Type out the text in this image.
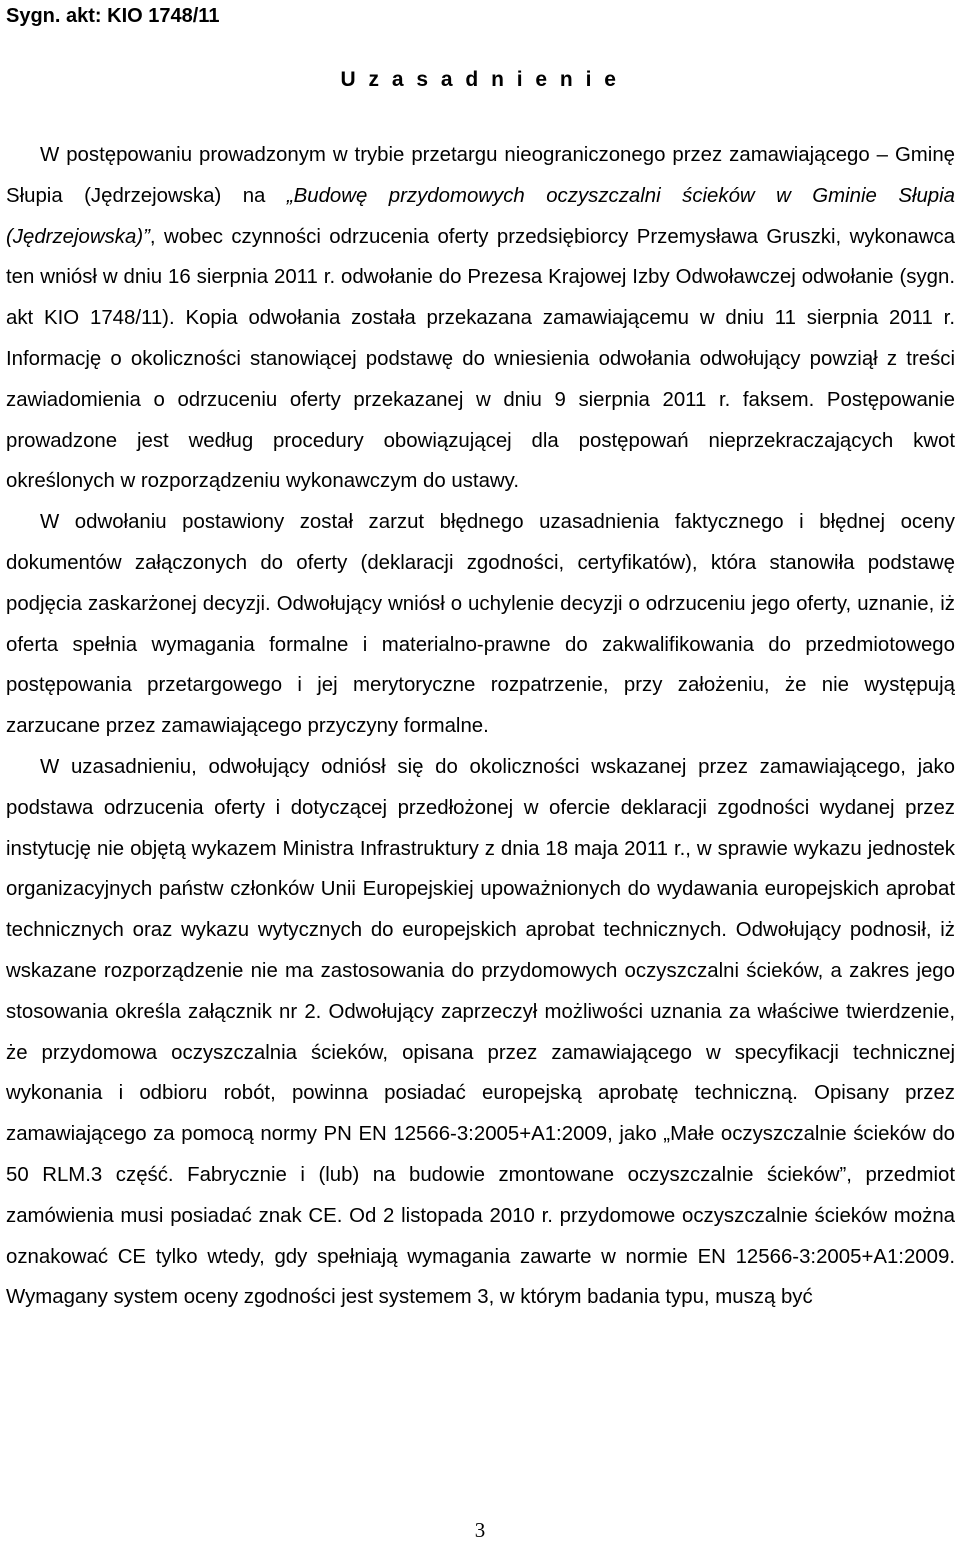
Sygn. akt: KIO 1748/11
U z a s a d n i e n i e

W postępowaniu prowadzonym w trybie przetargu nieograniczonego przez zamawiającego – Gminę Słupia (Jędrzejowska) na „Budowę przydomowych oczyszczalni ścieków w Gminie Słupia (Jędrzejowska)”, wobec czynności odrzucenia oferty przedsiębiorcy Przemysława Gruszki, wykonawca ten wniósł w dniu 16 sierpnia 2011 r. odwołanie do Prezesa Krajowej Izby Odwoławczej odwołanie (sygn. akt KIO 1748/11). Kopia odwołania została przekazana zamawiającemu w dniu 11 sierpnia 2011 r. Informację o okoliczności stanowiącej podstawę do wniesienia odwołania odwołujący powziął z treści zawiadomienia o odrzuceniu oferty przekazanej w dniu 9 sierpnia 2011 r. faksem. Postępowanie prowadzone jest według procedury obowiązującej dla postępowań nieprzekraczających kwot określonych w rozporządzeniu wykonawczym do ustawy.

W odwołaniu postawiony został zarzut błędnego uzasadnienia faktycznego i błędnej oceny dokumentów załączonych do oferty (deklaracji zgodności, certyfikatów), która stanowiła podstawę podjęcia zaskarżonej decyzji. Odwołujący wniósł o uchylenie decyzji o odrzuceniu jego oferty, uznanie, iż oferta spełnia wymagania formalne i materialno-prawne do zakwalifikowania do przedmiotowego postępowania przetargowego i jej merytoryczne rozpatrzenie, przy założeniu, że nie występują zarzucane przez zamawiającego przyczyny formalne.

W uzasadnieniu, odwołujący odniósł się do okoliczności wskazanej przez zamawiającego, jako podstawa odrzucenia oferty i dotyczącej przedłożonej w ofercie deklaracji zgodności wydanej przez instytucję nie objętą wykazem Ministra Infrastruktury z dnia 18 maja 2011 r., w sprawie wykazu jednostek organizacyjnych państw członków Unii Europejskiej upoważnionych do wydawania europejskich aprobat technicznych oraz wykazu wytycznych do europejskich aprobat technicznych. Odwołujący podnosił, iż wskazane rozporządzenie nie ma zastosowania do przydomowych oczyszczalni ścieków, a zakres jego stosowania określa załącznik nr 2. Odwołujący zaprzeczył możliwości uznania za właściwe twierdzenie, że przydomowa oczyszczalnia ścieków, opisana przez zamawiającego w specyfikacji technicznej wykonania i odbioru robót, powinna posiadać europejską aprobatę techniczną. Opisany przez zamawiającego za pomocą normy PN EN 12566-3:2005+A1:2009, jako „Małe oczyszczalnie ścieków do 50 RLM.3 część. Fabrycznie i (lub) na budowie zmontowane oczyszczalnie ścieków”, przedmiot zamówienia musi posiadać znak CE. Od 2 listopada 2010 r. przydomowe oczyszczalnie ścieków można oznakować CE tylko wtedy, gdy spełniają wymagania zawarte w normie EN 12566-3:2005+A1:2009. Wymagany system oceny zgodności jest systemem 3, w którym badania typu, muszą być

3
